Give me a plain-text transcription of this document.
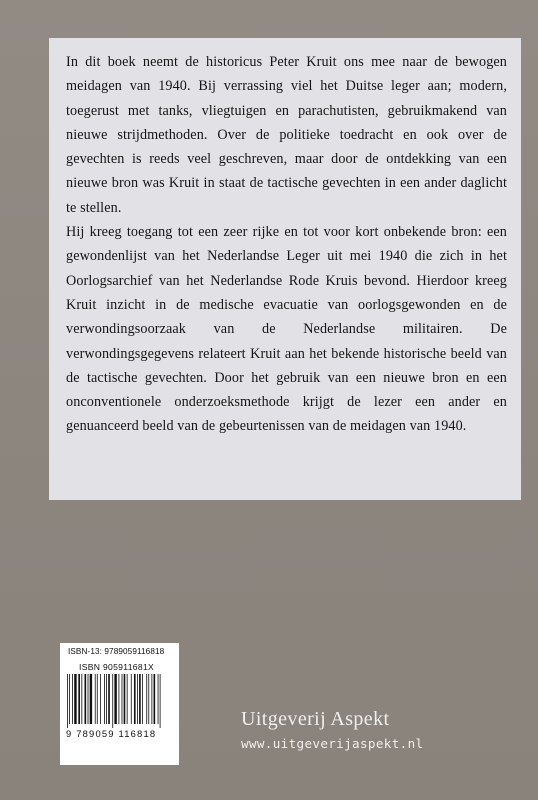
In dit boek neemt de historicus Peter Kruit ons mee naar de bewogen meidagen van 1940. Bij verrassing viel het Duitse leger aan; modern, toegerust met tanks, vliegtuigen en parachutisten, gebruikmakend van nieuwe strijdmethoden. Over de politieke toedracht en ook over de gevechten is reeds veel geschreven, maar door de ontdekking van een nieuwe bron was Kruit in staat de tactische gevechten in een ander daglicht te stellen.
Hij kreeg toegang tot een zeer rijke en tot voor kort onbekende bron: een gewondenlijst van het Nederlandse Leger uit mei 1940 die zich in het Oorlogsarchief van het Nederlandse Rode Kruis bevond. Hierdoor kreeg Kruit inzicht in de medische evacuatie van oorlogsgewonden en de verwondingsoorzaak van de Nederlandse militairen. De verwondingsgegevens relateert Kruit aan het bekende historische beeld van de tactische gevechten. Door het gebruik van een nieuwe bron en een onconventionele onderzoeksmethode krijgt de lezer een ander en genuanceerd beeld van de gebeurtenissen van de meidagen van 1940.

ISBN-13: 9789059116818
ISBN 905911681X
9 789059 116818
Uitgeverij Aspekt
www.uitgeverijaspekt.nl
